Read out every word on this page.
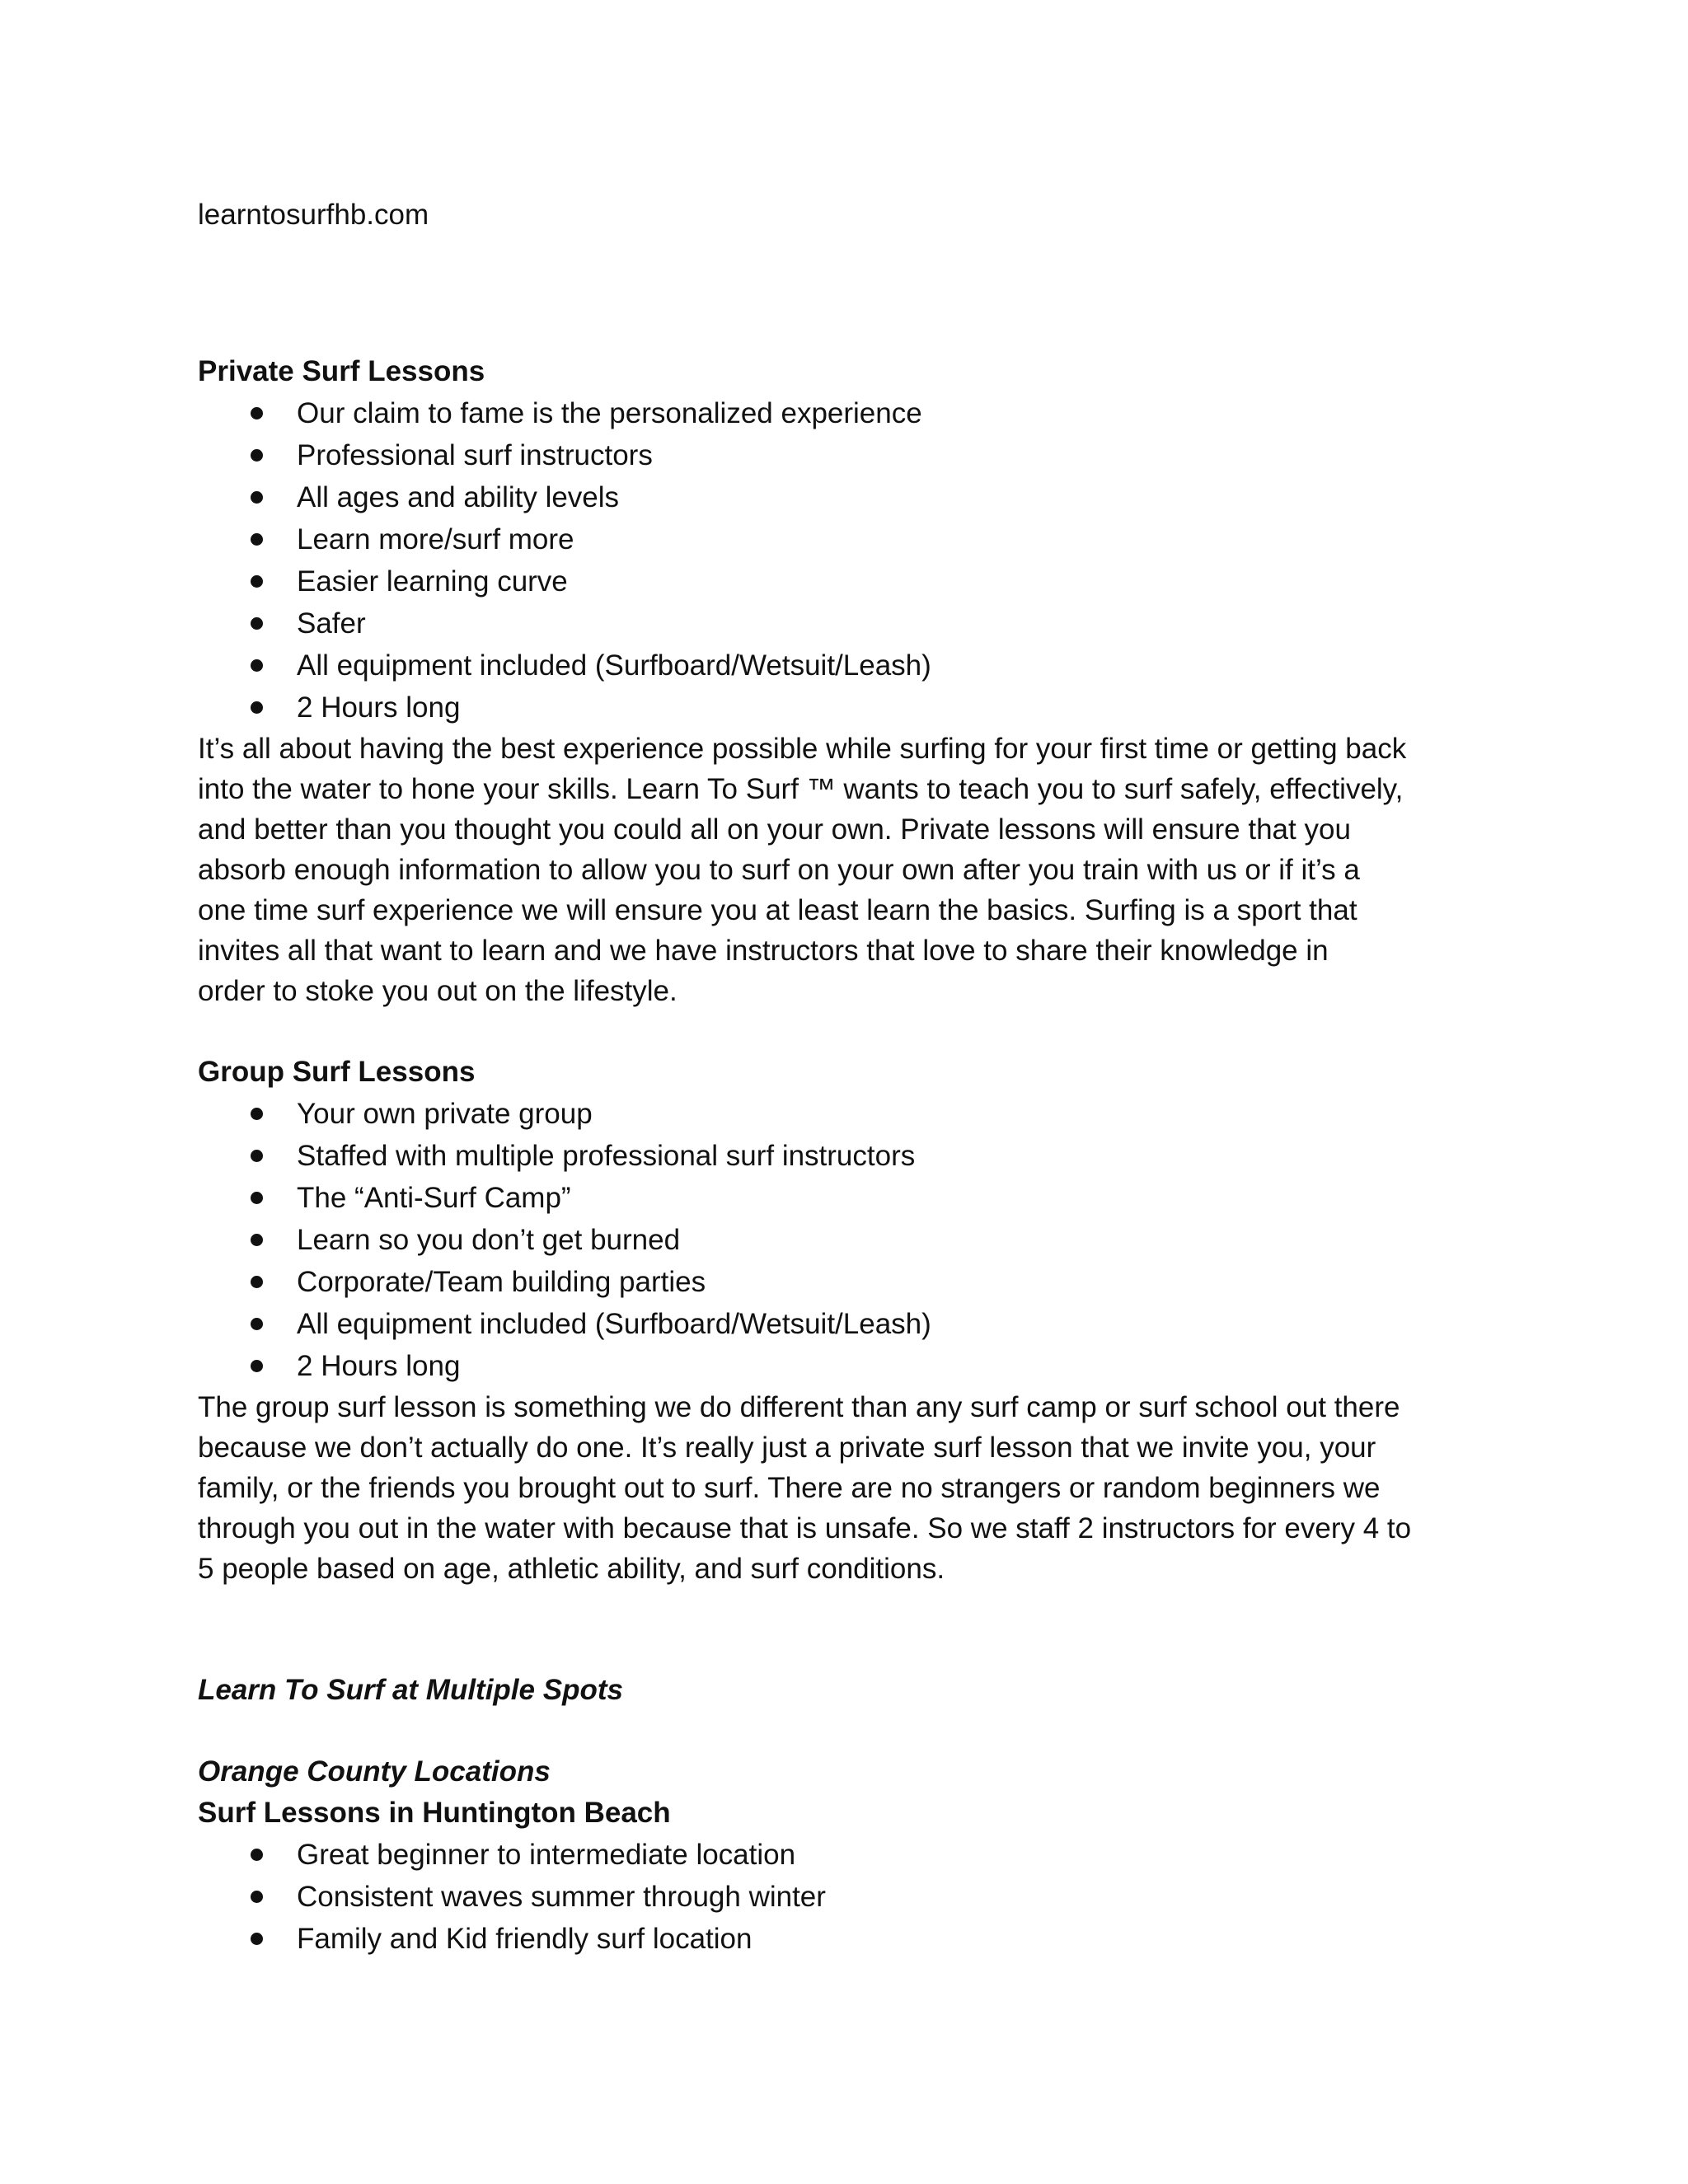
learntosurfhb.com

Private Surf Lessons

Our claim to fame is the personalized experience
Professional surf instructors
All ages and ability levels
Learn more/surf more
Easier learning curve
Safer
All equipment included (Surfboard/Wetsuit/Leash)
2 Hours long

It’s all about having the best experience possible while surfing for your first time or getting back
into the water to hone your skills. Learn To Surf ™ wants to teach you to surf safely, effectively,
and better than you thought you could all on your own. Private lessons will ensure that you
absorb enough information to allow you to surf on your own after you train with us or if it’s a
one time surf experience we will ensure you at least learn the basics. Surfing is a sport that
invites all that want to learn and we have instructors that love to share their knowledge in
order to stoke you out on the lifestyle.

Group Surf Lessons

Your own private group
Staffed with multiple professional surf instructors
The “Anti-Surf Camp”
Learn so you don’t get burned
Corporate/Team building parties
All equipment included (Surfboard/Wetsuit/Leash)
2 Hours long

The group surf lesson is something we do different than any surf camp or surf school out there
because we don’t actually do one. It’s really just a private surf lesson that we invite you, your
family, or the friends you brought out to surf. There are no strangers or random beginners we
through you out in the water with because that is unsafe. So we staff 2 instructors for every 4 to
5 people based on age, athletic ability, and surf conditions.

Learn To Surf at Multiple Spots

Orange County Locations

Surf Lessons in Huntington Beach

Great beginner to intermediate location
Consistent waves summer through winter
Family and Kid friendly surf location
